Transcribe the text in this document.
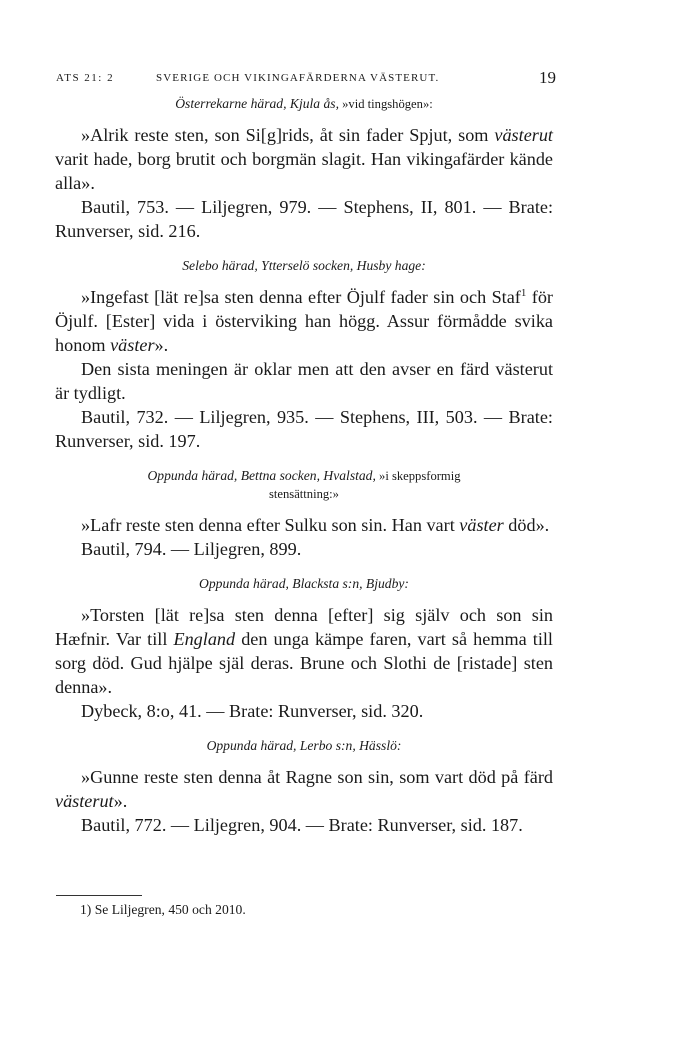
ATS 21: 2	SVERIGE OCH VIKINGAFÄRDERNA VÄSTERUT.	19

Österrekarne härad, Kjula ås, »vid tingshögen»:

»Alrik reste sten, son Si[g]rids, åt sin fader Spjut, som västerut varit hade, borg brutit och borgmän slagit. Han vikingafärder kände alla».

Bautil, 753. — Liljegren, 979. — Stephens, II, 801. — Brate: Runverser, sid. 216.

Selebo härad, Ytterselö socken, Husby hage:

»Ingefast [lät re]sa sten denna efter Öjulf fader sin och Staf$^1$ för Öjulf. [Ester] vida i österviking han högg. Assur förmådde svika honom väster».

Den sista meningen är oklar men att den avser en färd västerut är tydligt.

Bautil, 732. — Liljegren, 935. — Stephens, III, 503. — Brate: Runverser, sid. 197.

Oppunda härad, Bettna socken, Hvalstad, »i skeppsformig
stensättning:»

»Lafr reste sten denna efter Sulku son sin. Han vart väster död».

Bautil, 794. — Liljegren, 899.

Oppunda härad, Blacksta s:n, Bjudby:

»Torsten [lät re]sa sten denna [efter] sig själv och son sin Hæfnir. Var till England den unga kämpe faren, vart så hemma till sorg död. Gud hjälpe själ deras. Brune och Slothi de [ristade] sten denna».

Dybeck, 8:o, 41. — Brate: Runverser, sid. 320.

Oppunda härad, Lerbo s:n, Hässlö:

»Gunne reste sten denna åt Ragne son sin, som vart död på färd västerut».

Bautil, 772. — Liljegren, 904. — Brate: Runverser, sid. 187.

1) Se Liljegren, 450 och 2010.
